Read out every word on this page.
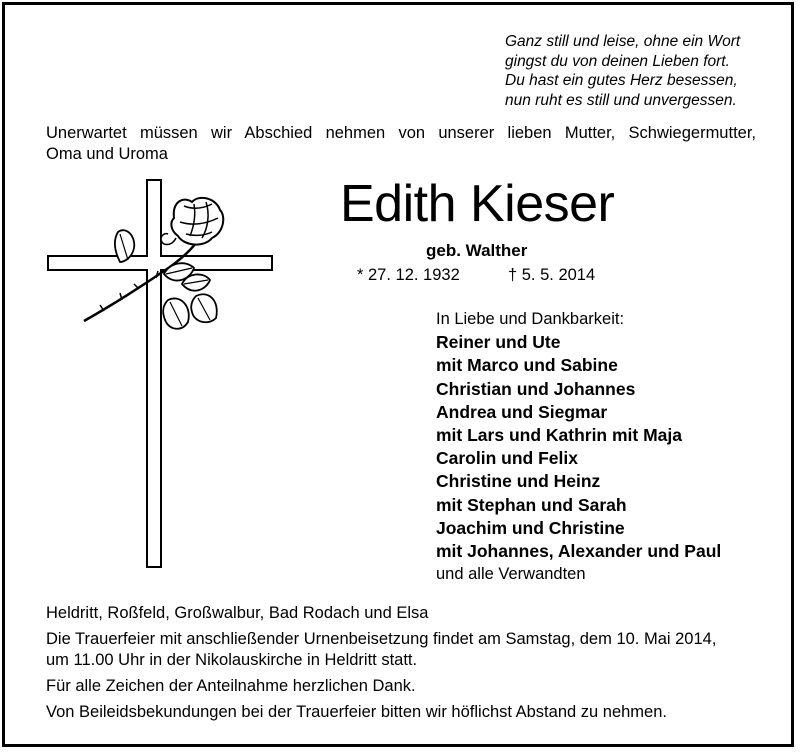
Ganz still und leise, ohne ein Wort
gingst du von deinen Lieben fort.
Du hast ein gutes Herz besessen,
nun ruht es still und unvergessen.
Unerwartet müssen wir Abschied nehmen von unserer lieben Mutter, Schwiegermutter,
Oma und Uroma
Edith Kieser
geb. Walther
* 27. 12. 1932	† 5. 5. 2014
In Liebe und Dankbarkeit:
Reiner und Ute
mit Marco und Sabine
Christian und Johannes
Andrea und Siegmar
mit Lars und Kathrin mit Maja
Carolin und Felix
Christine und Heinz
mit Stephan und Sarah
Joachim und Christine
mit Johannes, Alexander und Paul
und alle Verwandten
Heldritt, Roßfeld, Großwalbur, Bad Rodach und Elsa
Die Trauerfeier mit anschließender Urnenbeisetzung findet am Samstag, dem 10. Mai 2014,
um 11.00 Uhr in der Nikolauskirche in Heldritt statt.
Für alle Zeichen der Anteilnahme herzlichen Dank.
Von Beileidsbekundungen bei der Trauerfeier bitten wir höflichst Abstand zu nehmen.
